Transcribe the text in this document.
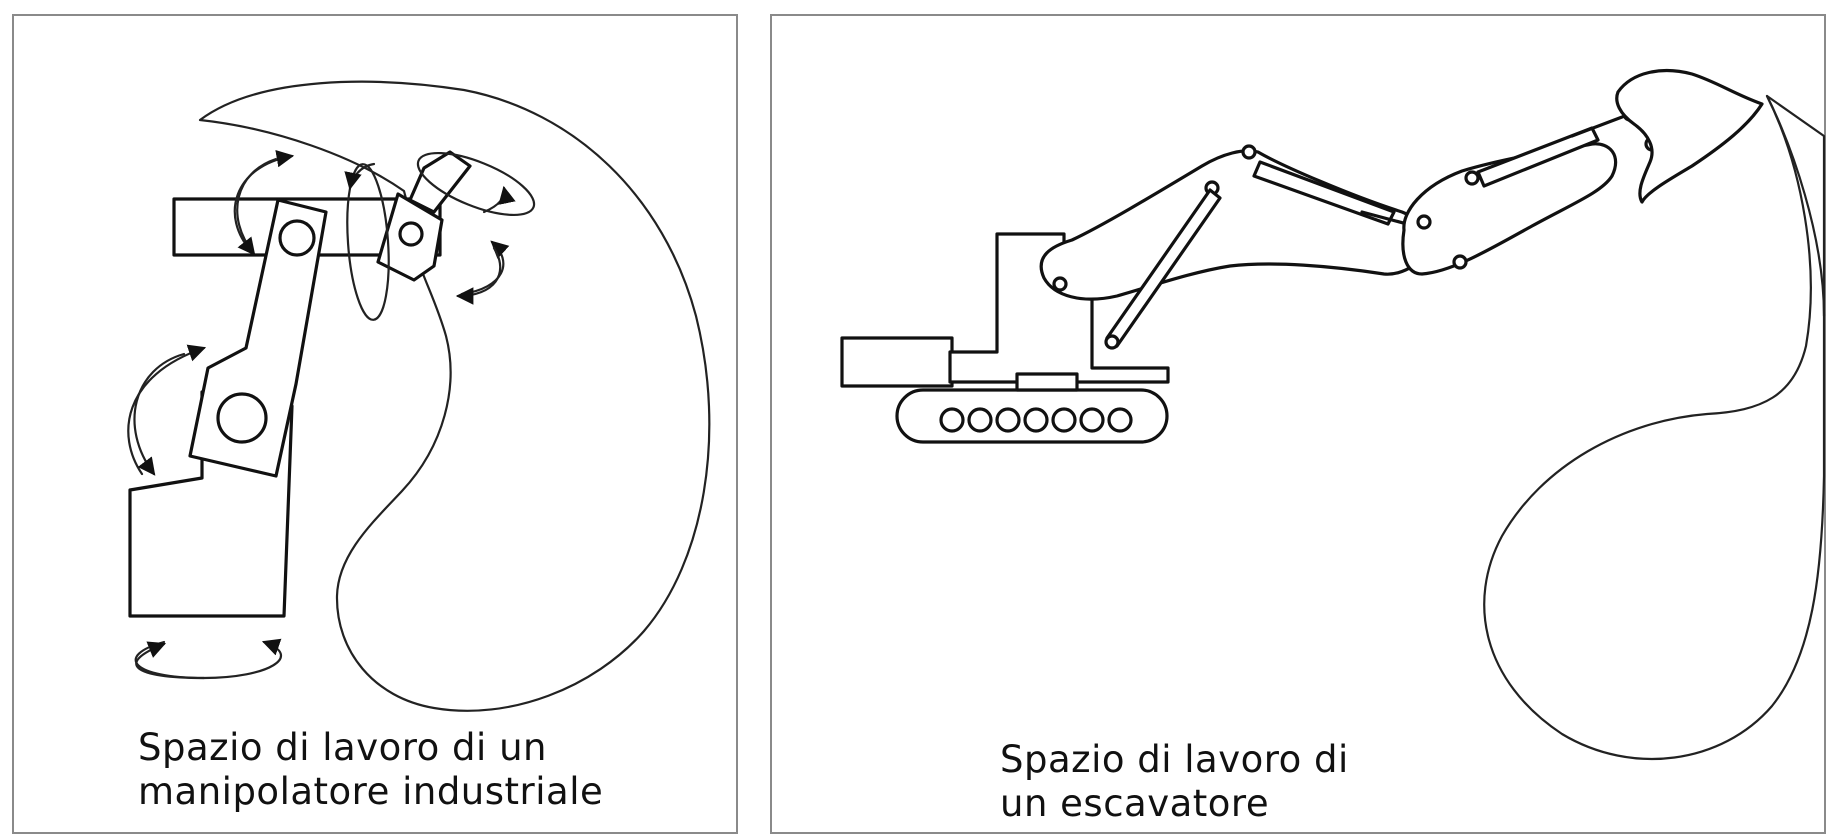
Spazio di lavoro di un
manipolatore industriale
Spazio di lavoro di
un escavatore
